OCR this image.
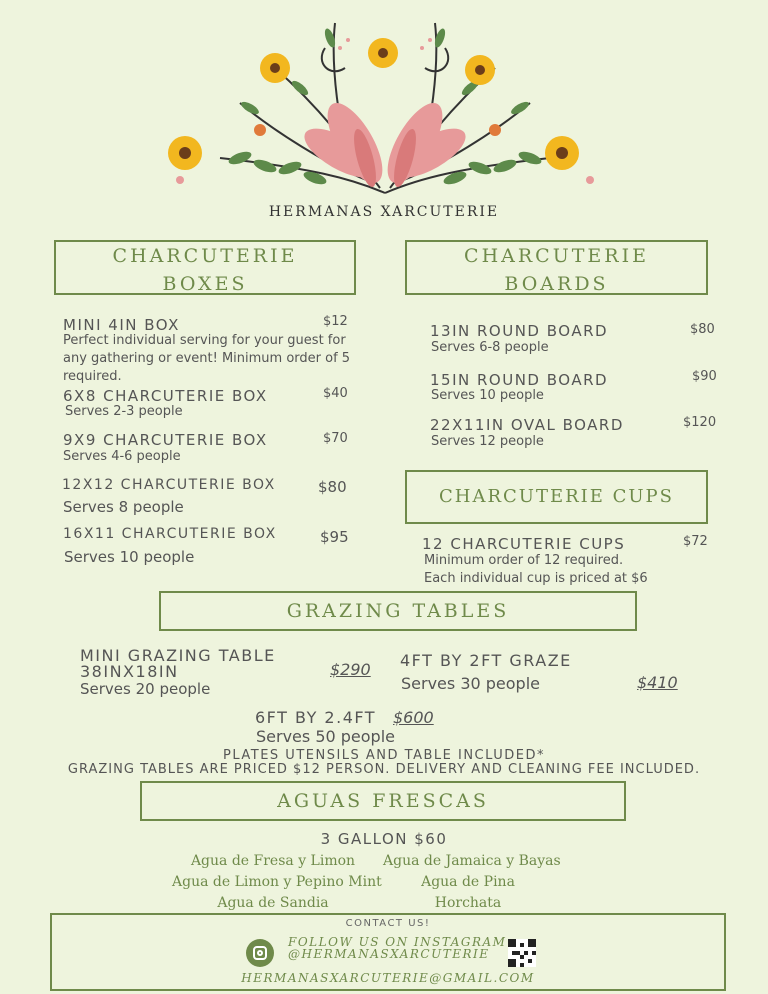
HERMANAS XARCUTERIE
CHARCUTERIE
BOXES
MINI 4IN BOX	$12
Perfect individual serving for your guest for
any gathering or event! Minimum order of 5
required.
6X8 CHARCUTERIE BOX	$40
Serves 2-3 people
9X9 CHARCUTERIE BOX	$70
Serves 4-6 people
12X12 CHARCUTERIE BOX	$80
Serves 8 people
16X11 CHARCUTERIE BOX	$95
Serves 10 people
CHARCUTERIE
BOARDS
13IN ROUND BOARD	$80
Serves 6-8 people
15IN ROUND BOARD	$90
Serves 10 people
22X11IN OVAL BOARD	$120
Serves 12 people
CHARCUTERIE CUPS
12 CHARCUTERIE CUPS	$72
Minimum order of 12 required.
Each individual cup is priced at $6
GRAZING TABLES
MINI GRAZING TABLE
38INX18IN	$290
Serves 20 people
4FT BY 2FT GRAZE
Serves 30 people	$410
6FT BY 2.4FT $600
Serves 50 people
PLATES UTENSILS AND TABLE INCLUDED*
GRAZING TABLES ARE PRICED $12 PERSON. DELIVERY AND CLEANING FEE INCLUDED.
AGUAS FRESCAS
3 GALLON $60
Agua de Fresa y Limon
Agua de Limon y Pepino Mint
Agua de Sandia
Agua de Jamaica y Bayas
Agua de Pina
Horchata
CONTACT US!
FOLLOW US ON INSTAGRAM
@HERMANASXARCUTERIE
HERMANASXARCUTERIE@GMAIL.COM
